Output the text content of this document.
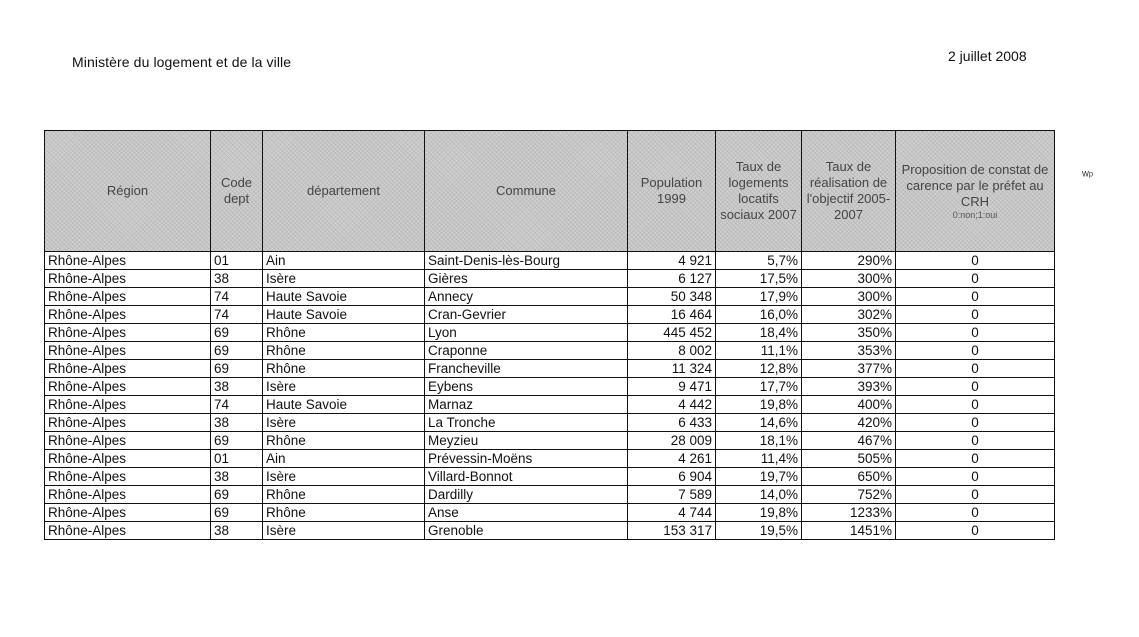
Ministère du logement et de la ville	2 juillet 2008
Région	Code dept	département	Commune	Population 1999	Taux de logements locatifs sociaux 2007	Taux de réalisation de l'objectif 2005-2007	Proposition de constat de carence par le préfet au CRH
0:non;1:oui

Rhône-Alpes	01	Ain	Saint-Denis-lès-Bourg	4 921	5,7%	290%	0
Rhône-Alpes	38	Isère	Gières	6 127	17,5%	300%	0
Rhône-Alpes	74	Haute Savoie	Annecy	50 348	17,9%	300%	0
Rhône-Alpes	74	Haute Savoie	Cran-Gevrier	16 464	16,0%	302%	0
Rhône-Alpes	69	Rhône	Lyon	445 452	18,4%	350%	0
Rhône-Alpes	69	Rhône	Craponne	8 002	11,1%	353%	0
Rhône-Alpes	69	Rhône	Francheville	11 324	12,8%	377%	0
Rhône-Alpes	38	Isère	Eybens	9 471	17,7%	393%	0
Rhône-Alpes	74	Haute Savoie	Marnaz	4 442	19,8%	400%	0
Rhône-Alpes	38	Isère	La Tronche	6 433	14,6%	420%	0
Rhône-Alpes	69	Rhône	Meyzieu	28 009	18,1%	467%	0
Rhône-Alpes	01	Ain	Prévessin-Moëns	4 261	11,4%	505%	0
Rhône-Alpes	38	Isère	Villard-Bonnot	6 904	19,7%	650%	0
Rhône-Alpes	69	Rhône	Dardilly	7 589	14,0%	752%	0
Rhône-Alpes	69	Rhône	Anse	4 744	19,8%	1233%	0
Rhône-Alpes	38	Isère	Grenoble	153 317	19,5%	1451%	0
ᵂᵖ
